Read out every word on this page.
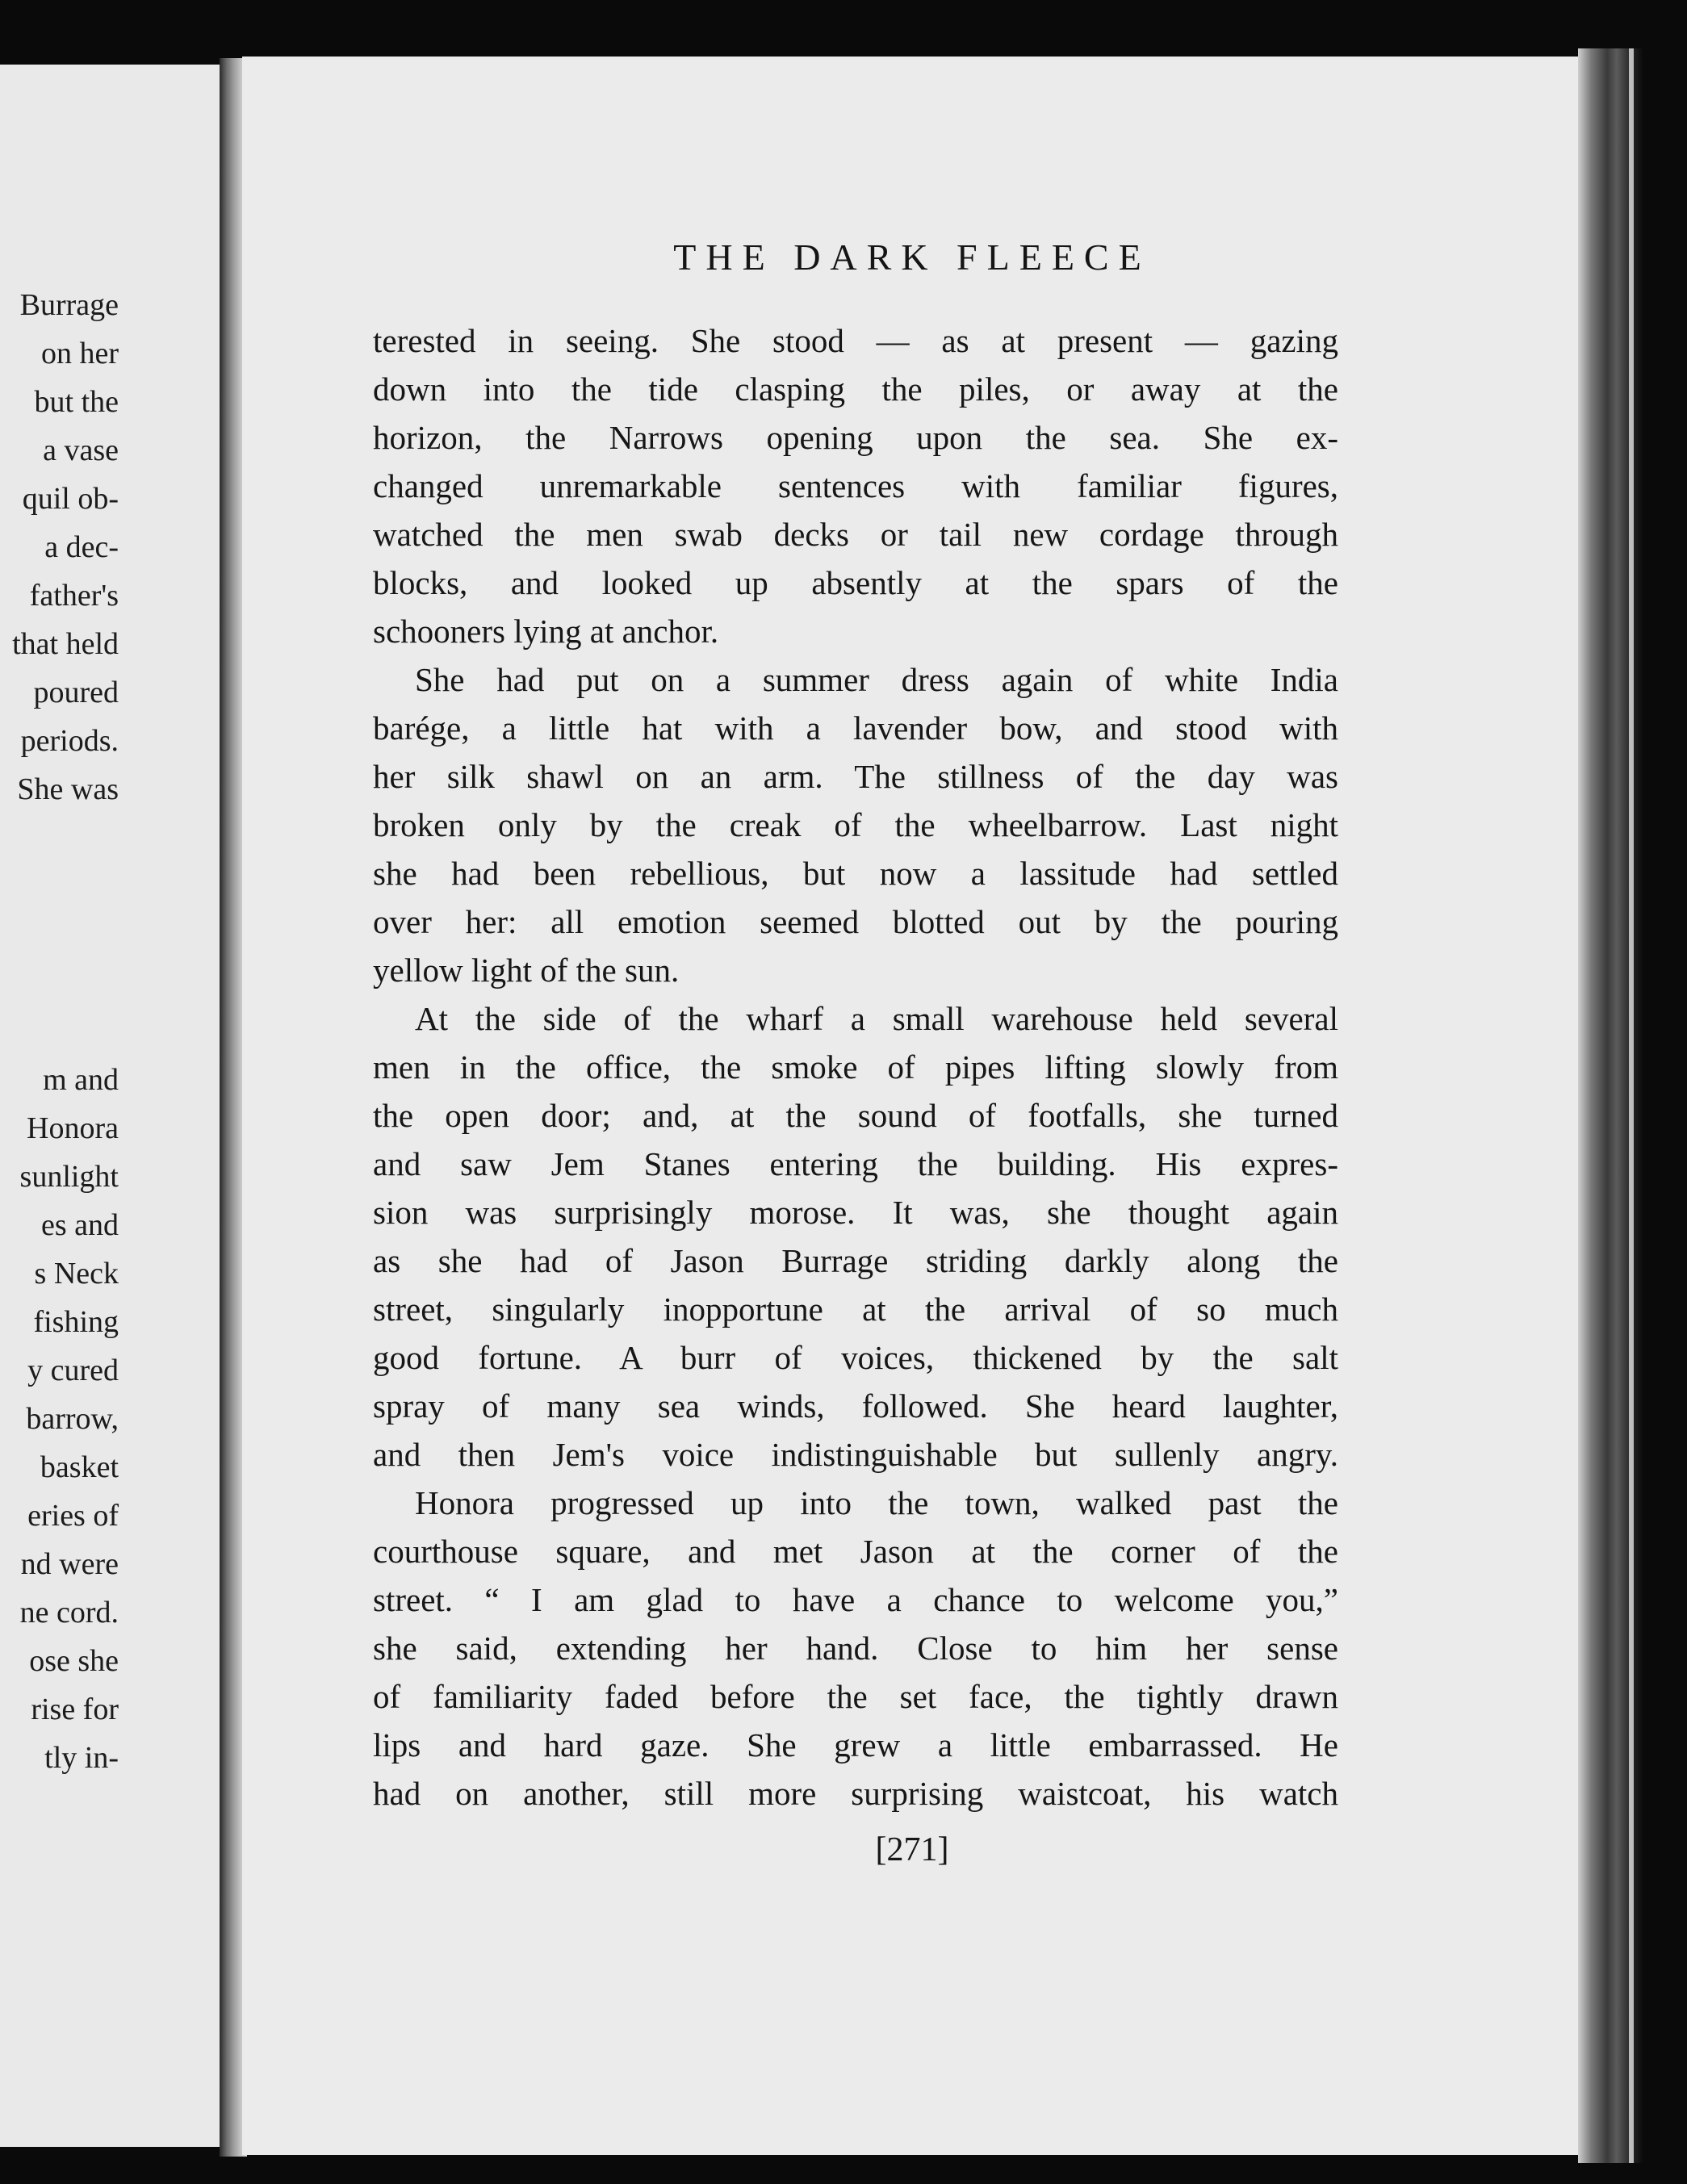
Burrage
on her
but the
a vase
quil ob-
a dec-
father's
that held
poured
periods.
She was
m and
Honora
sunlight
es and
s Neck
fishing
y cured
barrow,
basket
eries of
nd were
ne cord.
ose she
rise for
tly in-
THE DARK FLEECE
terested in seeing. She stood — as at present — gazing
down into the tide clasping the piles, or away at the
horizon, the Narrows opening upon the sea. She ex-
changed unremarkable sentences with familiar figures,
watched the men swab decks or tail new cordage through
blocks, and looked up absently at the spars of the
schooners lying at anchor.
She had put on a summer dress again of white India
barége, a little hat with a lavender bow, and stood with
her silk shawl on an arm. The stillness of the day was
broken only by the creak of the wheelbarrow. Last night
she had been rebellious, but now a lassitude had settled
over her: all emotion seemed blotted out by the pouring
yellow light of the sun.
At the side of the wharf a small warehouse held several
men in the office, the smoke of pipes lifting slowly from
the open door; and, at the sound of footfalls, she turned
and saw Jem Stanes entering the building. His expres-
sion was surprisingly morose. It was, she thought again
as she had of Jason Burrage striding darkly along the
street, singularly inopportune at the arrival of so much
good fortune. A burr of voices, thickened by the salt
spray of many sea winds, followed. She heard laughter,
and then Jem's voice indistinguishable but sullenly angry.
Honora progressed up into the town, walked past the
courthouse square, and met Jason at the corner of the
street. “ I am glad to have a chance to welcome you,”
she said, extending her hand. Close to him her sense
of familiarity faded before the set face, the tightly drawn
lips and hard gaze. She grew a little embarrassed. He
had on another, still more surprising waistcoat, his watch
[271]
